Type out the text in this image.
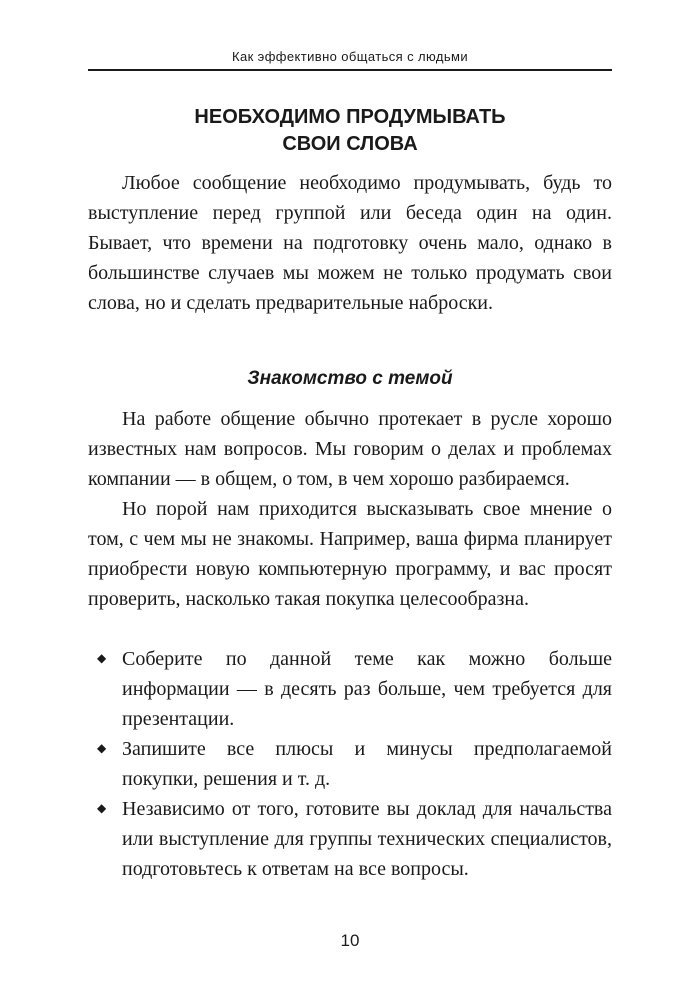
Как эффективно общаться с людьми
НЕОБХОДИМО ПРОДУМЫВАТЬ
СВОИ СЛОВА

Любое сообщение необходимо продумывать, будь то выступление перед группой или беседа один на один. Бывает, что времени на подготовку очень мало, однако в большинстве случаев мы можем не только продумать свои слова, но и сделать предварительные наброски.

Знакомство с темой

На работе общение обычно протекает в русле хорошо известных нам вопросов. Мы говорим о делах и проблемах компании — в общем, о том, в чем хорошо разбираемся.

Но порой нам приходится высказывать свое мнение о том, с чем мы не знакомы. Например, ваша фирма планирует приобрести новую компьютерную программу, и вас просят проверить, насколько такая покупка целесообразна.

◆ Соберите по данной теме как можно больше информации — в десять раз больше, чем требуется для презентации.
◆ Запишите все плюсы и минусы предполагаемой покупки, решения и т. д.
◆ Независимо от того, готовите вы доклад для начальства или выступление для группы технических специалистов, подготовьтесь к ответам на все вопросы.
10
